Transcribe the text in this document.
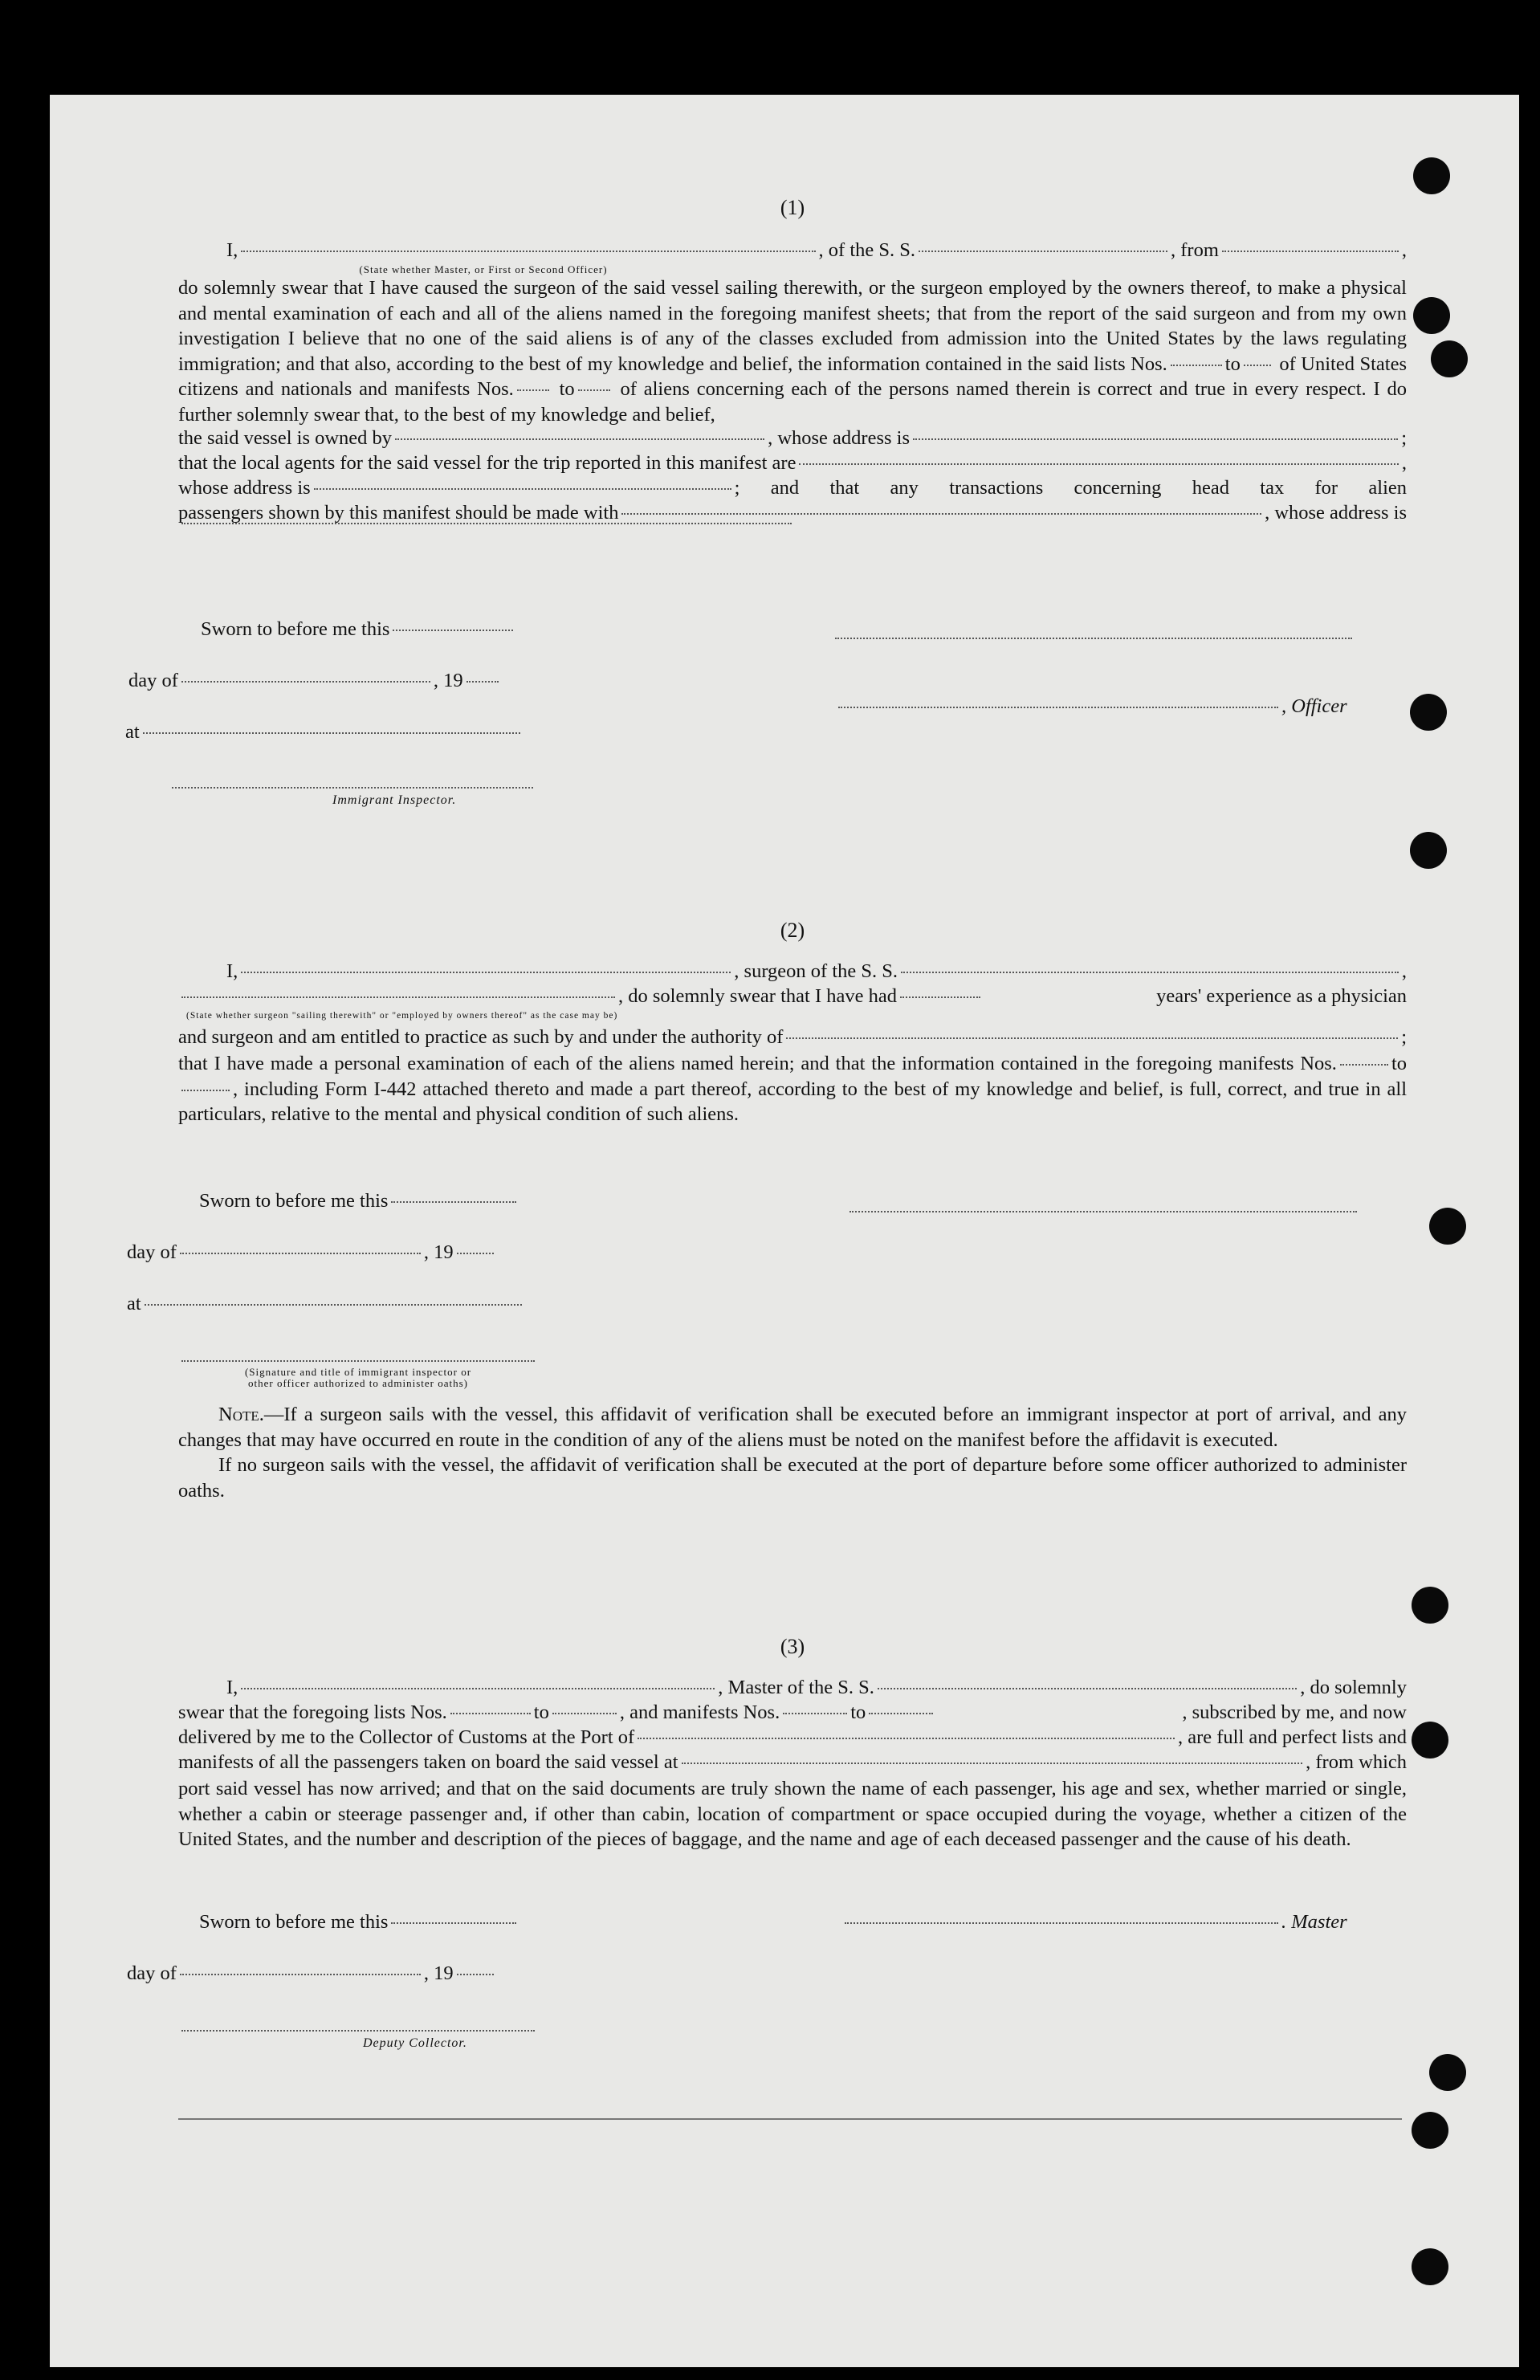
(1)

I,	, of the S. S.	, from	,
(State whether Master, or First or Second Officer)

do solemnly swear that I have caused the surgeon of the said vessel sailing therewith, or the surgeon employed by the owners thereof, to make a physical and mental examination of each and all of the aliens named in the foregoing manifest sheets; that from the report of the said surgeon and from my own investigation I believe that no one of the said aliens is of any of the classes excluded from admission into the United States by the laws regulating immigration; and that also, according to the best of my knowledge and belief, the information contained in the said lists Nos.	to of United States citizens and nationals and manifests Nos. to of aliens concerning each of the persons named therein is correct and true in every respect. I do further solemnly swear that, to the best of my knowledge and belief,

the said vessel is owned by	, whose address is	;
that the local agents for the said vessel for the trip reported in this manifest are	,
whose address is	; and that any transactions concerning head tax for alien
passengers shown by this manifest should be made with	, whose address is
Sworn to before me this
day of	, 19
, Officer
at
Immigrant Inspector.

(2)

I,	, surgeon of the S. S.	,
, do solemnly swear that I have had	years' experience as a physician
(State whether surgeon "sailing therewith" or "employed by owners thereof" as the case may be)
and surgeon and am entitled to practice as such by and under the authority of	;

that I have made a personal examination of each of the aliens named herein; and that the information contained in the foregoing manifests Nos.	to, including Form I-442 attached thereto and made a part thereof, according to the best of my knowledge and belief, is full, correct, and true in all particulars, relative to the mental and physical condition of such aliens.

Sworn to before me this
day of	, 19
at
(Signature and title of immigrant inspector or
other officer authorized to administer oaths)

Note.—If a surgeon sails with the vessel, this affidavit of verification shall be executed before an immigrant inspector at port of arrival, and any changes that may have occurred en route in the condition of any of the aliens must be noted on the manifest before the affidavit is executed.

If no surgeon sails with the vessel, the affidavit of verification shall be executed at the port of departure before some officer authorized to administer oaths.

(3)

I,	, Master of the S. S.	, do solemnly
swear that the foregoing lists Nos.	to	, and manifests Nos.	to	, subscribed by me, and now
delivered by me to the Collector of Customs at the Port of	, are full and perfect lists and
manifests of all the passengers taken on board the said vessel at	, from which

port said vessel has now arrived; and that on the said documents are truly shown the name of each passenger, his age and sex, whether married or single, whether a cabin or steerage passenger and, if other than cabin, location of compartment or space occupied during the voyage, whether a citizen of the United States, and the number and description of the pieces of baggage, and the name and age of each deceased passenger and the cause of his death.

Sworn to before me this	. Master
day of	, 19
Deputy Collector.
